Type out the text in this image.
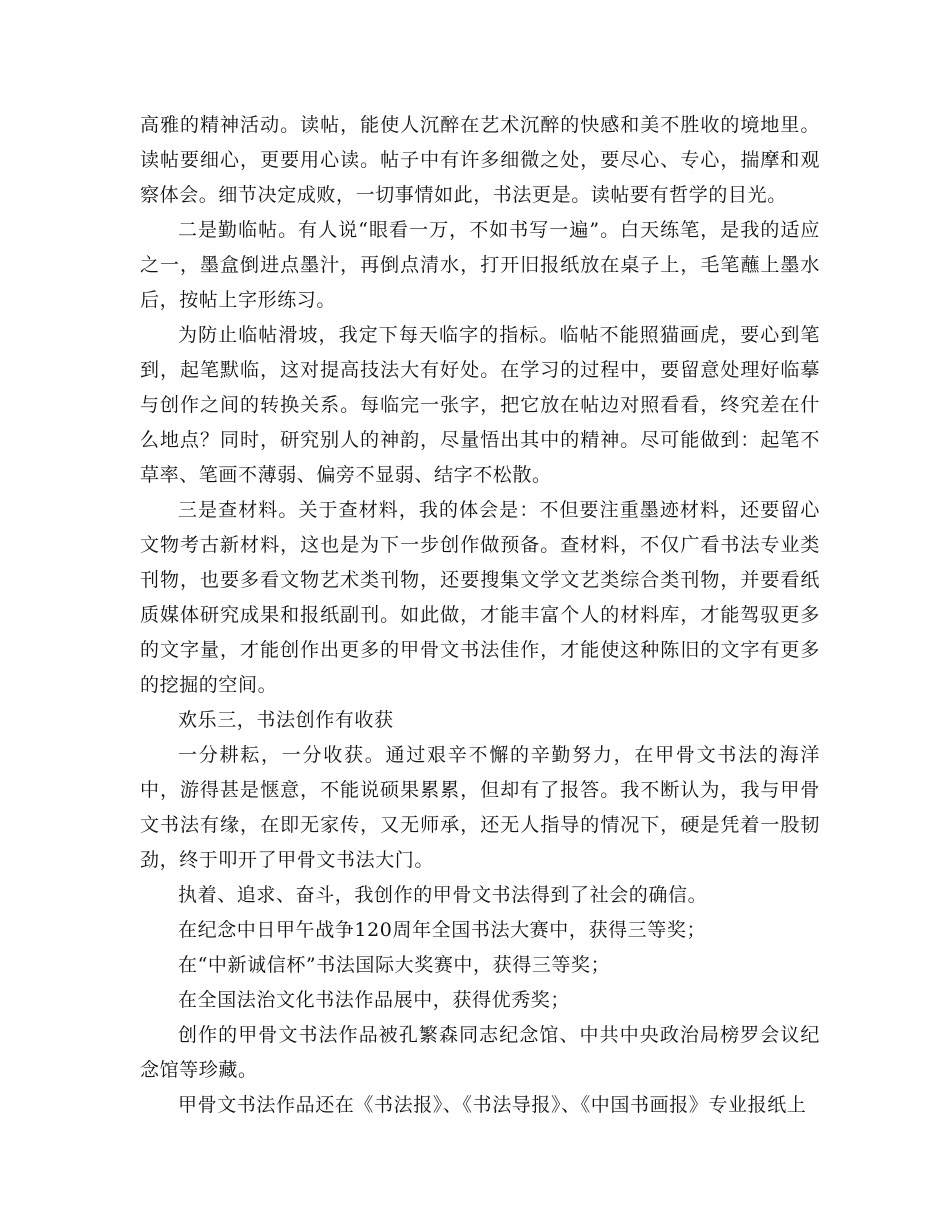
高雅的精神活动。读帖，能使人沉醉在艺术沉醉的快感和美不胜收的境地里。读帖要细心，更要用心读。帖子中有许多细微之处，要尽心、专心，揣摩和观察体会。细节决定成败，一切事情如此，书法更是。读帖要有哲学的目光。

二是勤临帖。有人说“眼看一万，不如书写一遍”。白天练笔，是我的适应之一，墨盒倒进点墨汁，再倒点清水，打开旧报纸放在桌子上，毛笔蘸上墨水后，按帖上字形练习。

为防止临帖滑坡，我定下每天临字的指标。临帖不能照猫画虎，要心到笔到，起笔默临，这对提高技法大有好处。在学习的过程中，要留意处理好临摹与创作之间的转换关系。每临完一张字，把它放在帖边对照看看，终究差在什么地点？同时，研究别人的神韵，尽量悟出其中的精神。尽可能做到：起笔不草率、笔画不薄弱、偏旁不显弱、结字不松散。

三是查材料。关于查材料，我的体会是：不但要注重墨迹材料，还要留心文物考古新材料，这也是为下一步创作做预备。查材料，不仅广看书法专业类刊物，也要多看文物艺术类刊物，还要搜集文学文艺类综合类刊物，并要看纸质媒体研究成果和报纸副刊。如此做，才能丰富个人的材料库，才能驾驭更多的文字量，才能创作出更多的甲骨文书法佳作，才能使这种陈旧的文字有更多的挖掘的空间。

欢乐三，书法创作有收获

一分耕耘，一分收获。通过艰辛不懈的辛勤努力，在甲骨文书法的海洋中，游得甚是惬意，不能说硕果累累，但却有了报答。我不断认为，我与甲骨文书法有缘，在即无家传，又无师承，还无人指导的情况下，硬是凭着一股韧劲，终于叩开了甲骨文书法大门。

执着、追求、奋斗，我创作的甲骨文书法得到了社会的确信。

在纪念中日甲午战争120周年全国书法大赛中，获得三等奖；

在“中新诚信杯”书法国际大奖赛中，获得三等奖；

在全国法治文化书法作品展中，获得优秀奖；

创作的甲骨文书法作品被孔繁森同志纪念馆、中共中央政治局榜罗会议纪念馆等珍藏。

甲骨文书法作品还在《书法报》、《书法导报》、《中国书画报》专业报纸上
